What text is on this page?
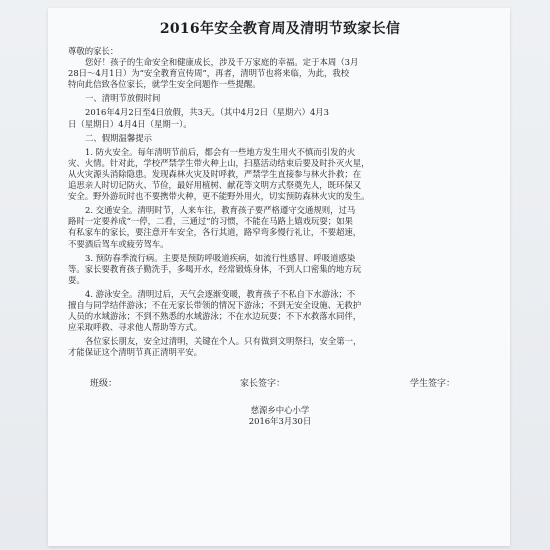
2016年安全教育周及清明节致家长信

尊敬的家长：

您好！孩子的生命安全和健康成长，涉及千万家庭的幸福。定于本周（3月

28日～4月1日）为“安全教育宣传周”，再者，清明节也将来临，为此，我校

特向此信致各位家长，就学生安全问题作一些提醒。

一、清明节放假时间

2016年4月2日至4日放假，共3天。（其中4月2日（星期六）4月3

日（星期日）4月4日（星期一）。

二、假期温馨提示

1. 防火安全。每年清明节前后，都会有一些地方发生用火不慎而引发的火

灾、火情。针对此，学校严禁学生带火种上山，扫墓活动结束后要及时扑灭火星，

从火灾源头消除隐患。发现森林火灾及时呼救，严禁学生直接参与林火扑救；在

追思亲人时切记防火、节俭，最好用植树、献花等文明方式祭奠先人，既环保又

安全。野外游玩时也不要携带火种，更不能野外用火，切实预防森林火灾的发生。

2. 交通安全。清明时节，人来车往，教育孩子要严格遵守交通规则，过马

路时一定要养成“一停，二看，三通过”的习惯，不能在马路上嬉戏玩耍；如果

有私家车的家长，要注意开车安全，各行其道，路窄弯多慢行礼让，不要超速，

不要酒后驾车或疲劳驾车。

3. 预防春季流行病。主要是预防呼吸道疾病，如流行性感冒、呼吸道感染

等。家长要教育孩子勤洗手，多喝开水，经常锻炼身体，不到人口密集的地方玩

耍。

4. 游泳安全。清明过后，天气会逐渐变暖，教育孩子不私自下水游泳；不

擅自与同学结伴游泳；不在无家长带领的情况下游泳；不到无安全设施、无救护

人员的水域游泳；不到不熟悉的水域游泳；不在水边玩耍；不下水救落水同伴，

应采取呼救、寻求他人帮助等方式。

各位家长朋友，安全过清明，关键在个人。只有做到文明祭扫，安全第一，

才能保证这个清明节真正清明平安。

班级：	家长签字：	学生签字：
慈源乡中心小学
2016年3月30日
